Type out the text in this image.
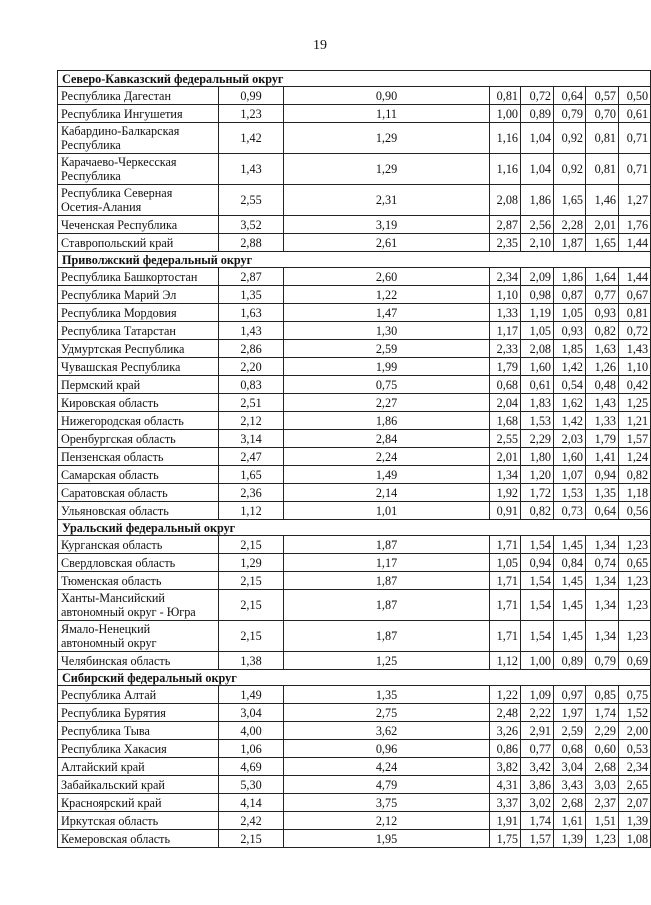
19
Северо-Кавказский федеральный округ							
Республика Дагестан	0,99	0,90	0,81	0,72	0,64	0,57	0,50
Республика Ингушетия	1,23	1,11	1,00	0,89	0,79	0,70	0,61
Кабардино-Балкарская Республика	1,42	1,29	1,16	1,04	0,92	0,81	0,71
Карачаево-Черкесская Республика	1,43	1,29	1,16	1,04	0,92	0,81	0,71
Республика Северная Осетия-Алания	2,55	2,31	2,08	1,86	1,65	1,46	1,27
Чеченская Республика	3,52	3,19	2,87	2,56	2,28	2,01	1,76
Ставропольский край	2,88	2,61	2,35	2,10	1,87	1,65	1,44
Приволжский федеральный округ							
Республика Башкортостан	2,87	2,60	2,34	2,09	1,86	1,64	1,44
Республика Марий Эл	1,35	1,22	1,10	0,98	0,87	0,77	0,67
Республика Мордовия	1,63	1,47	1,33	1,19	1,05	0,93	0,81
Республика Татарстан	1,43	1,30	1,17	1,05	0,93	0,82	0,72
Удмуртская Республика	2,86	2,59	2,33	2,08	1,85	1,63	1,43
Чувашская Республика	2,20	1,99	1,79	1,60	1,42	1,26	1,10
Пермский край	0,83	0,75	0,68	0,61	0,54	0,48	0,42
Кировская область	2,51	2,27	2,04	1,83	1,62	1,43	1,25
Нижегородская область	2,12	1,86	1,68	1,53	1,42	1,33	1,21
Оренбургская область	3,14	2,84	2,55	2,29	2,03	1,79	1,57
Пензенская область	2,47	2,24	2,01	1,80	1,60	1,41	1,24
Самарская область	1,65	1,49	1,34	1,20	1,07	0,94	0,82
Саратовская область	2,36	2,14	1,92	1,72	1,53	1,35	1,18
Ульяновская область	1,12	1,01	0,91	0,82	0,73	0,64	0,56
Уральский федеральный округ							
Курганская область	2,15	1,87	1,71	1,54	1,45	1,34	1,23
Свердловская область	1,29	1,17	1,05	0,94	0,84	0,74	0,65
Тюменская область	2,15	1,87	1,71	1,54	1,45	1,34	1,23
Ханты-Мансийский автономный округ - Югра	2,15	1,87	1,71	1,54	1,45	1,34	1,23
Ямало-Ненецкий автономный округ	2,15	1,87	1,71	1,54	1,45	1,34	1,23
Челябинская область	1,38	1,25	1,12	1,00	0,89	0,79	0,69
Сибирский федеральный округ							
Республика Алтай	1,49	1,35	1,22	1,09	0,97	0,85	0,75
Республика Бурятия	3,04	2,75	2,48	2,22	1,97	1,74	1,52
Республика Тыва	4,00	3,62	3,26	2,91	2,59	2,29	2,00
Республика Хакасия	1,06	0,96	0,86	0,77	0,68	0,60	0,53
Алтайский край	4,69	4,24	3,82	3,42	3,04	2,68	2,34
Забайкальский край	5,30	4,79	4,31	3,86	3,43	3,03	2,65
Красноярский край	4,14	3,75	3,37	3,02	2,68	2,37	2,07
Иркутская область	2,42	2,12	1,91	1,74	1,61	1,51	1,39
Кемеровская область	2,15	1,95	1,75	1,57	1,39	1,23	1,08
